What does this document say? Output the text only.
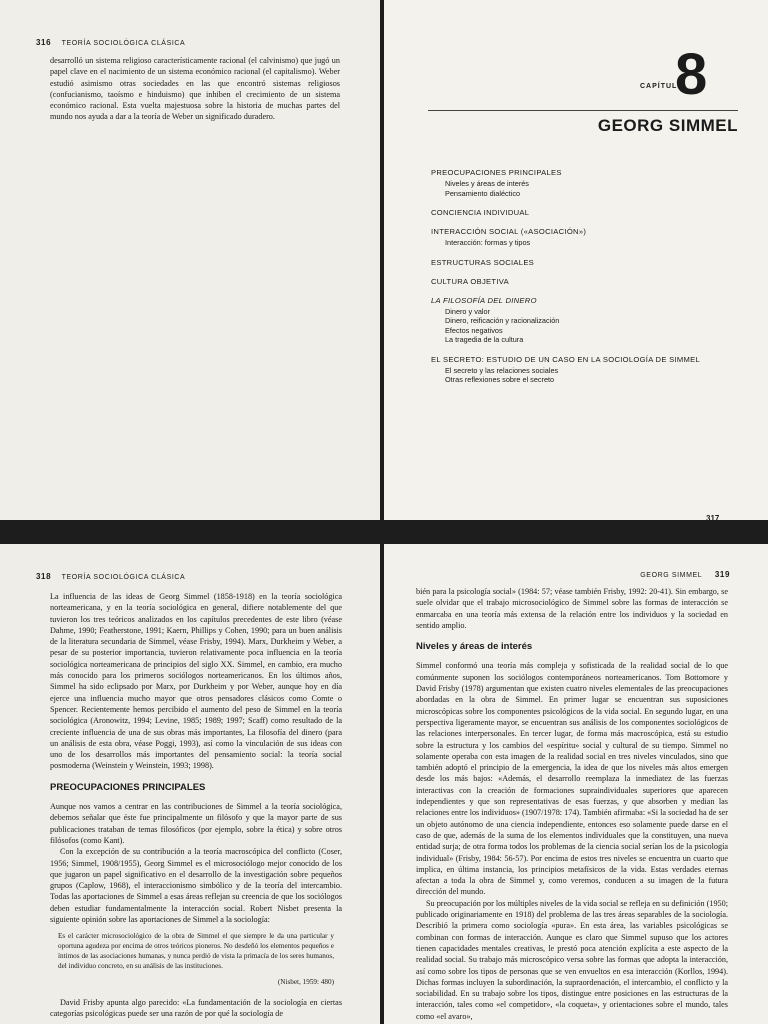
316 TEORÍA SOCIOLÓGICA CLÁSICA

desarrolló un sistema religioso característicamente racional (el calvinismo) que jugó un papel clave en el nacimiento de un sistema económico racional (el capitalismo). Weber estudió asimismo otras sociedades en las que encontró sistemas religiosos (confucianismo, taoísmo e hinduismo) que inhiben el crecimiento de un sistema económico racional. Esta vuelta majestuosa sobre la historia de muchas partes del mundo nos ayuda a dar a la teoría de Weber un significado duradero.

CAPÍTULO
8
GEORG SIMMEL
PREOCUPACIONES PRINCIPALES
Niveles y áreas de interés
Pensamiento dialéctico
CONCIENCIA INDIVIDUAL
INTERACCIÓN SOCIAL («ASOCIACIÓN»)
Interacción: formas y tipos
ESTRUCTURAS SOCIALES
CULTURA OBJETIVA
LA FILOSOFÍA DEL DINERO
Dinero y valor
Dinero, reificación y racionalización
Efectos negativos
La tragedia de la cultura
EL SECRETO: ESTUDIO DE UN CASO EN LA SOCIOLOGÍA DE SIMMEL
El secreto y las relaciones sociales
Otras reflexiones sobre el secreto
317
318 TEORÍA SOCIOLÓGICA CLÁSICA

La influencia de las ideas de Georg Simmel (1858-1918) en la teoría sociológica norteamericana, y en la teoría sociológica en general, difiere notablemente del que tuvieron los tres teóricos analizados en los capítulos precedentes de este libro (véase Dahme, 1990; Featherstone, 1991; Kaern, Phillips y Cohen, 1990; para un buen análisis de la literatura secundaria de Simmel, véase Frisby, 1994). Marx, Durkheim y Weber, a pesar de su posterior importancia, tuvieron relativamente poca influencia en la teoría sociológica norteamericana de principios del siglo XX. Simmel, en cambio, era mucho más conocido para los primeros sociólogos norteamericanos. En los últimos años, Simmel ha sido eclipsado por Marx, por Durkheim y por Weber, aunque hoy en día ejerce una influencia mucho mayor que otros pensadores clásicos como Comte o Spencer. Recientemente hemos percibido el aumento del peso de Simmel en la teoría sociológica (Aronowitz, 1994; Levine, 1985; 1989; 1997; Scaff) como resultado de la creciente influencia de una de sus obras más importantes, La filosofía del dinero (para un análisis de esta obra, véase Poggi, 1993), así como la vinculación de sus ideas con uno de los desarrollos más importantes del pensamiento social: la teoría social posmoderna (Weinstein y Weinstein, 1993; 1998).

PREOCUPACIONES PRINCIPALES

Aunque nos vamos a centrar en las contribuciones de Simmel a la teoría sociológica, debemos señalar que éste fue principalmente un filósofo y que la mayor parte de sus publicaciones trataban de temas filosóficos (por ejemplo, sobre la ética) y sobre otros filósofos (como Kant).

Con la excepción de su contribución a la teoría macroscópica del conflicto (Coser, 1956; Simmel, 1908/1955), Georg Simmel es el microsociólogo mejor conocido de los que jugaron un papel significativo en el desarrollo de la investigación sobre pequeños grupos (Caplow, 1968), el interaccionismo simbólico y de la teoría del intercambio. Todas las aportaciones de Simmel a esas áreas reflejan su creencia de que los sociólogos deben estudiar fundamentalmente la interacción social. Robert Nisbet presenta la siguiente opinión sobre las aportaciones de Simmel a la sociología:

Es el carácter microsociológico de la obra de Simmel el que siempre le da una particular y oportuna agudeza por encima de otros teóricos pioneros. No desdeñó los elementos pequeños e íntimos de las asociaciones humanas, y nunca perdió de vista la primacía de los seres humanos, del individuo concreto, en su análisis de las instituciones.
(Nisbet, 1959: 480)

David Frisby apunta algo parecido: «La fundamentación de la sociología en ciertas categorías psicológicas puede ser una razón de por qué la sociología de

GEORG SIMMEL 319

bién para la psicología social» (1984: 57; véase también Frisby, 1992: 20-41). Sin embargo, se suele olvidar que el trabajo microsociológico de Simmel sobre las formas de interacción se enmarcaba en una teoría más extensa de la relación entre los individuos y la sociedad en sentido amplio.

Niveles y áreas de interés

Simmel conformó una teoría más compleja y sofisticada de la realidad social de lo que comúnmente suponen los sociólogos contemporáneos norteamericanos. Tom Bottomore y David Frisby (1978) argumentan que existen cuatro niveles elementales de las preocupaciones abordadas en la obra de Simmel. En primer lugar se encuentran sus suposiciones microscópicas sobre los componentes psicológicos de la vida social. En segundo lugar, en una perspectiva ligeramente mayor, se encuentran sus análisis de los componentes sociológicos de las relaciones interpersonales. En tercer lugar, de forma más macroscópica, está su estudio sobre la estructura y los cambios del «espíritu» social y cultural de su tiempo. Simmel no solamente operaba con esta imagen de la realidad social en tres niveles vinculados, sino que también adoptó el principio de la emergencia, la idea de que los niveles más altos emergen desde los más bajos: «Además, el desarrollo reemplaza la inmediatez de las fuerzas interactivas con la creación de formaciones supraindividuales superiores que aparecen independientes y que son representativas de esas fuerzas, y que absorben y median las relaciones entre los individuos» (1907/1978: 174). También afirmaba: «Si la sociedad ha de ser un objeto autónomo de una ciencia independiente, entonces eso solamente puede darse en el caso de que, además de la suma de los elementos individuales que la constituyen, una nueva entidad surja; de otra forma todos los problemas de la ciencia social serían los de la psicología individual» (Frisby, 1984: 56-57). Por encima de estos tres niveles se encuentra un cuarto que implica, en última instancia, los principios metafísicos de la vida. Estas verdades eternas afectan a toda la obra de Simmel y, como veremos, conducen a su imagen de la futura dirección del mundo.

Su preocupación por los múltiples niveles de la vida social se refleja en su definición (1950; publicado originariamente en 1918) del problema de las tres áreas separables de la sociología. Describió la primera como sociología «pura». En esta área, las variables psicológicas se combinan con formas de interacción. Aunque es claro que Simmel supuso que los actores tienen capacidades mentales creativas, le prestó poca atención explícita a este aspecto de la realidad social. Su trabajo más microscópico versa sobre las formas que adopta la interacción, así como sobre los tipos de personas que se ven envueltos en esa interacción (Korllos, 1994). Dichas formas incluyen la subordinación, la supraordenación, el intercambio, el conflicto y la sociabilidad. En su trabajo sobre los tipos, distingue entre posiciones en las estructuras de la interacción, tales como «el competidor», «la coqueta», y orientaciones sobre el mundo, tales como «el avaro»,
